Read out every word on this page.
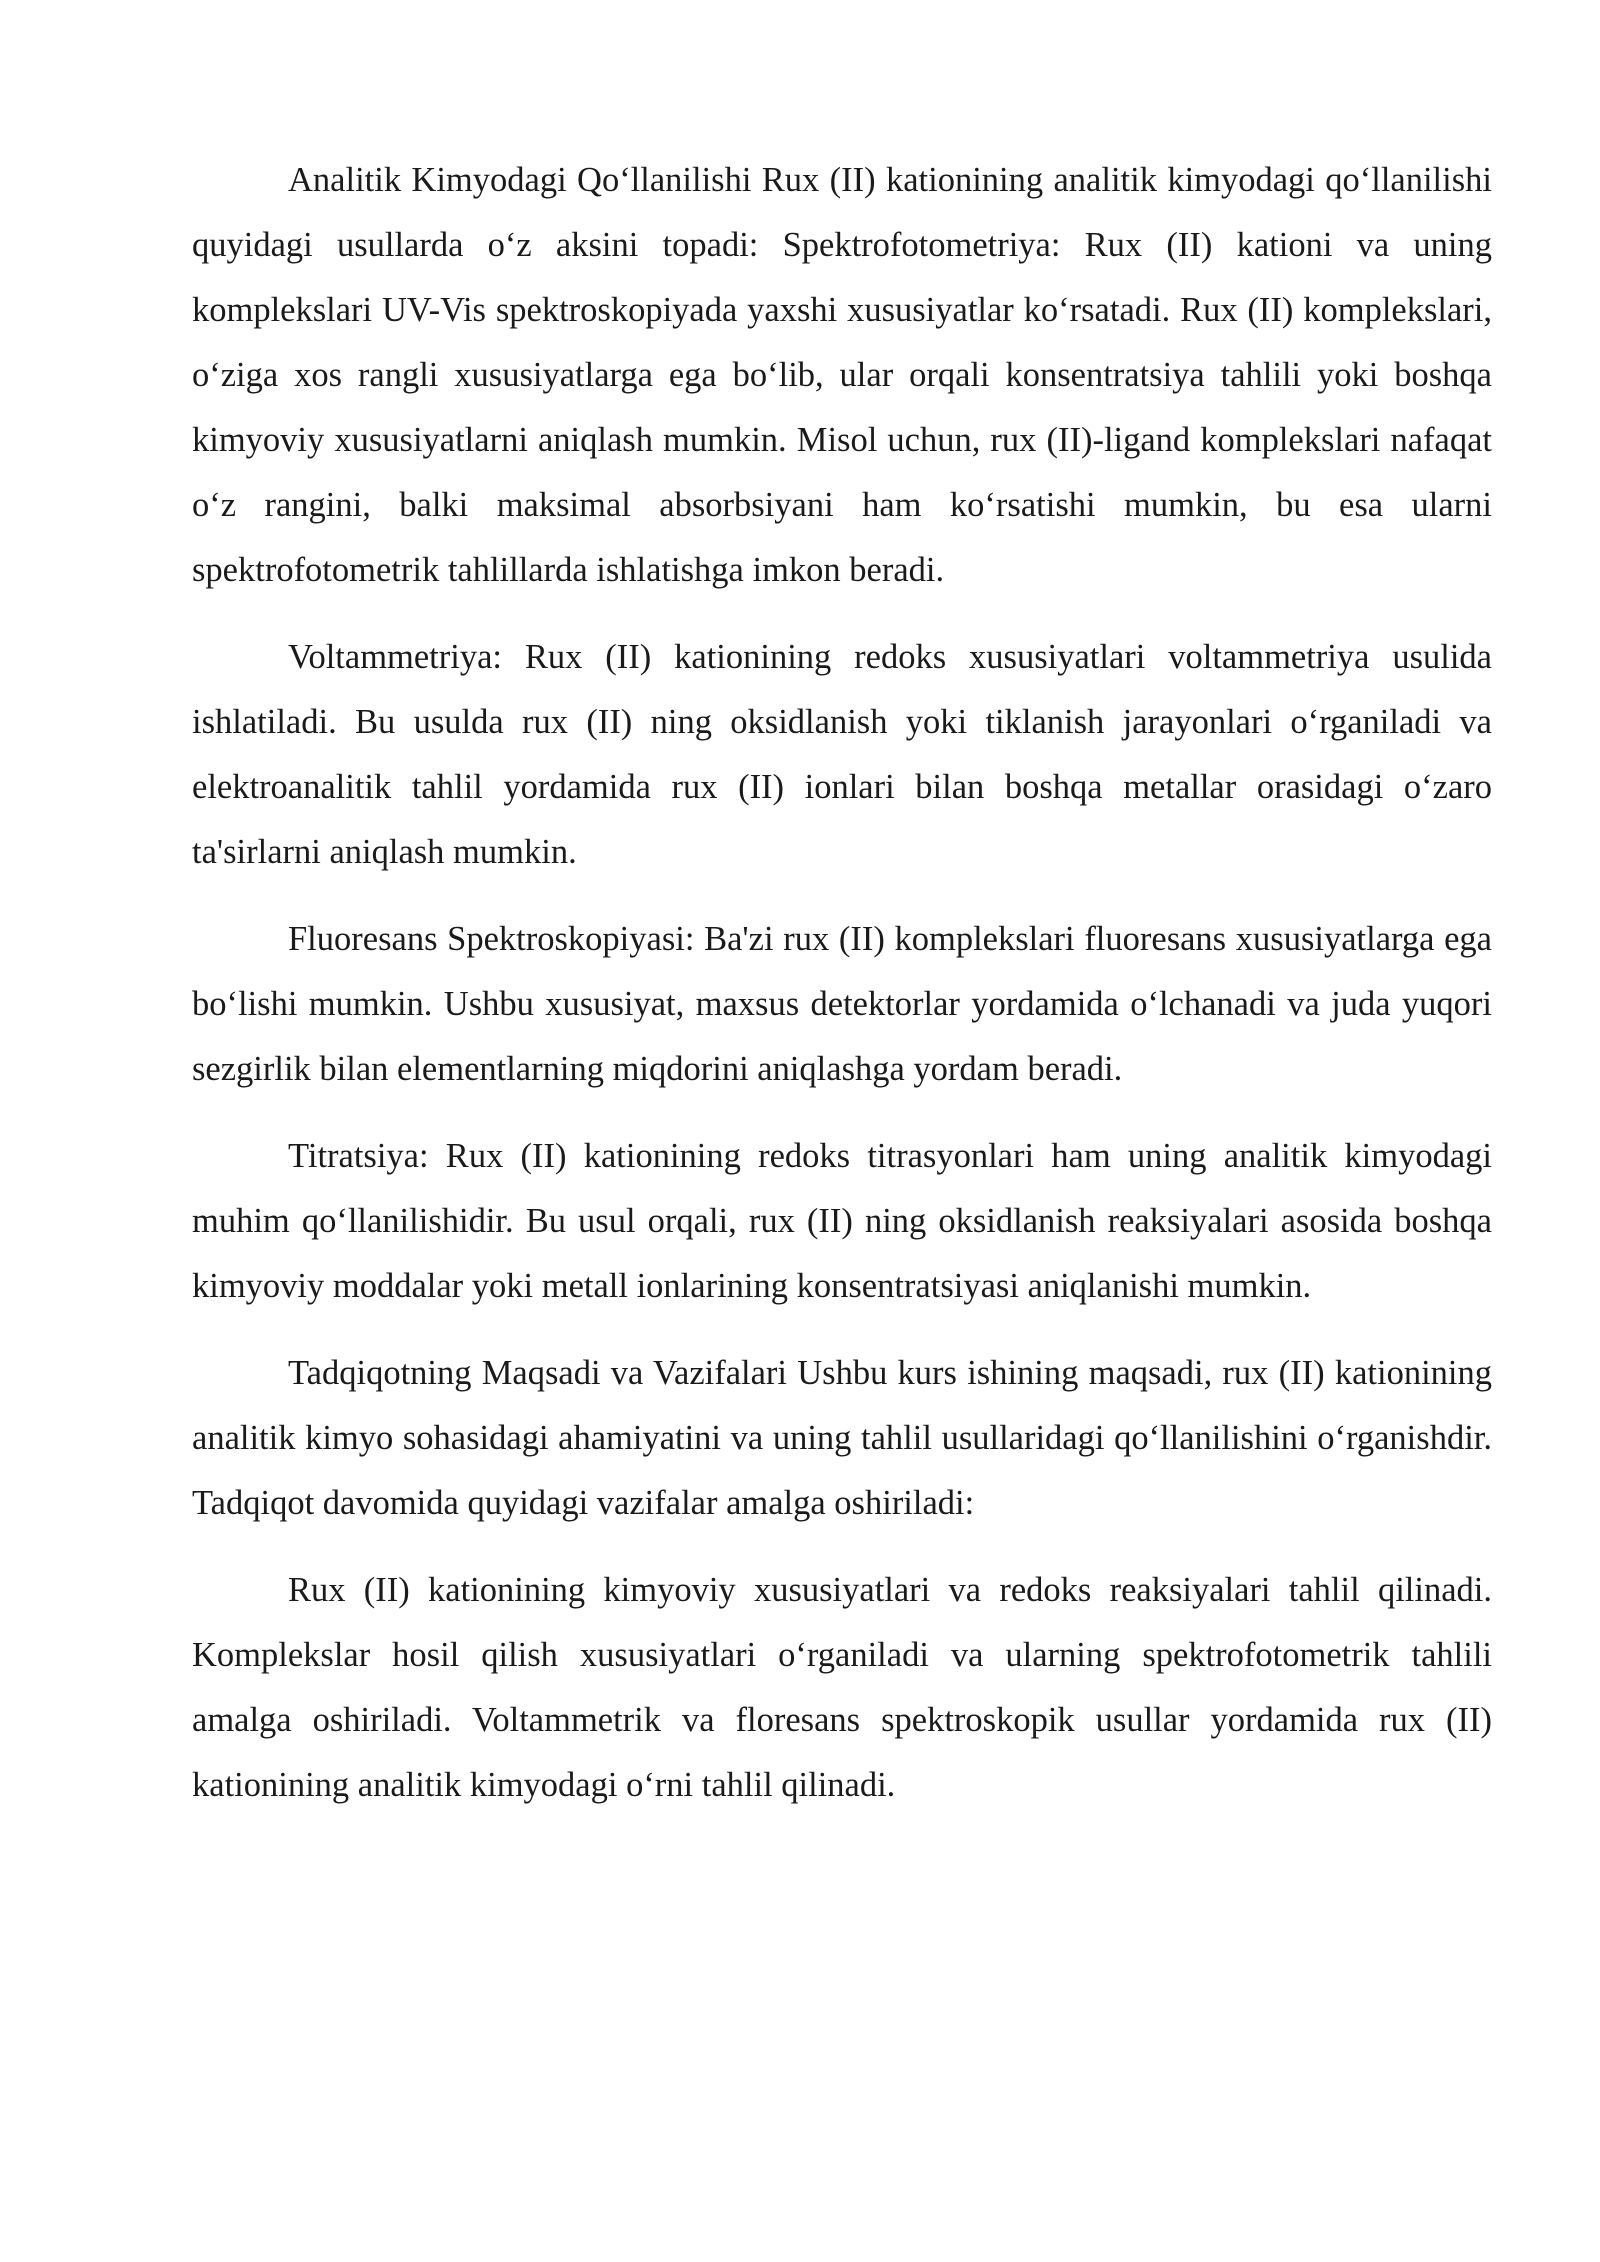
Analitik Kimyodagi Qoʻllanilishi Rux (II) kationining analitik kimyodagi qoʻllanilishi quyidagi usullarda oʻz aksini topadi: Spektrofotometriya: Rux (II) kationi va uning komplekslari UV-Vis spektroskopiyada yaxshi xususiyatlar koʻrsatadi. Rux (II) komplekslari, oʻziga xos rangli xususiyatlarga ega boʻlib, ular orqali konsentratsiya tahlili yoki boshqa kimyoviy xususiyatlarni aniqlash mumkin. Misol uchun, rux (II)-ligand komplekslari nafaqat oʻz rangini, balki maksimal absorbsiyani ham koʻrsatishi mumkin, bu esa ularni spektrofotometrik tahlillarda ishlatishga imkon beradi.

Voltammetriya: Rux (II) kationining redoks xususiyatlari voltammetriya usulida ishlatiladi. Bu usulda rux (II) ning oksidlanish yoki tiklanish jarayonlari oʻrganiladi va elektroanalitik tahlil yordamida rux (II) ionlari bilan boshqa metallar orasidagi oʻzaro ta'sirlarni aniqlash mumkin.

Fluoresans Spektroskopiyasi: Ba'zi rux (II) komplekslari fluoresans xususiyatlarga ega boʻlishi mumkin. Ushbu xususiyat, maxsus detektorlar yordamida oʻlchanadi va juda yuqori sezgirlik bilan elementlarning miqdorini aniqlashga yordam beradi.

Titratsiya: Rux (II) kationining redoks titrasyonlari ham uning analitik kimyodagi muhim qoʻllanilishidir. Bu usul orqali, rux (II) ning oksidlanish reaksiyalari asosida boshqa kimyoviy moddalar yoki metall ionlarining konsentratsiyasi aniqlanishi mumkin.

Tadqiqotning Maqsadi va Vazifalari Ushbu kurs ishining maqsadi, rux (II) kationining analitik kimyo sohasidagi ahamiyatini va uning tahlil usullaridagi qoʻllanilishini oʻrganishdir. Tadqiqot davomida quyidagi vazifalar amalga oshiriladi:

Rux (II) kationining kimyoviy xususiyatlari va redoks reaksiyalari tahlil qilinadi. Komplekslar hosil qilish xususiyatlari oʻrganiladi va ularning spektrofotometrik tahlili amalga oshiriladi. Voltammetrik va floresans spektroskopik usullar yordamida rux (II) kationining analitik kimyodagi oʻrni tahlil qilinadi.
